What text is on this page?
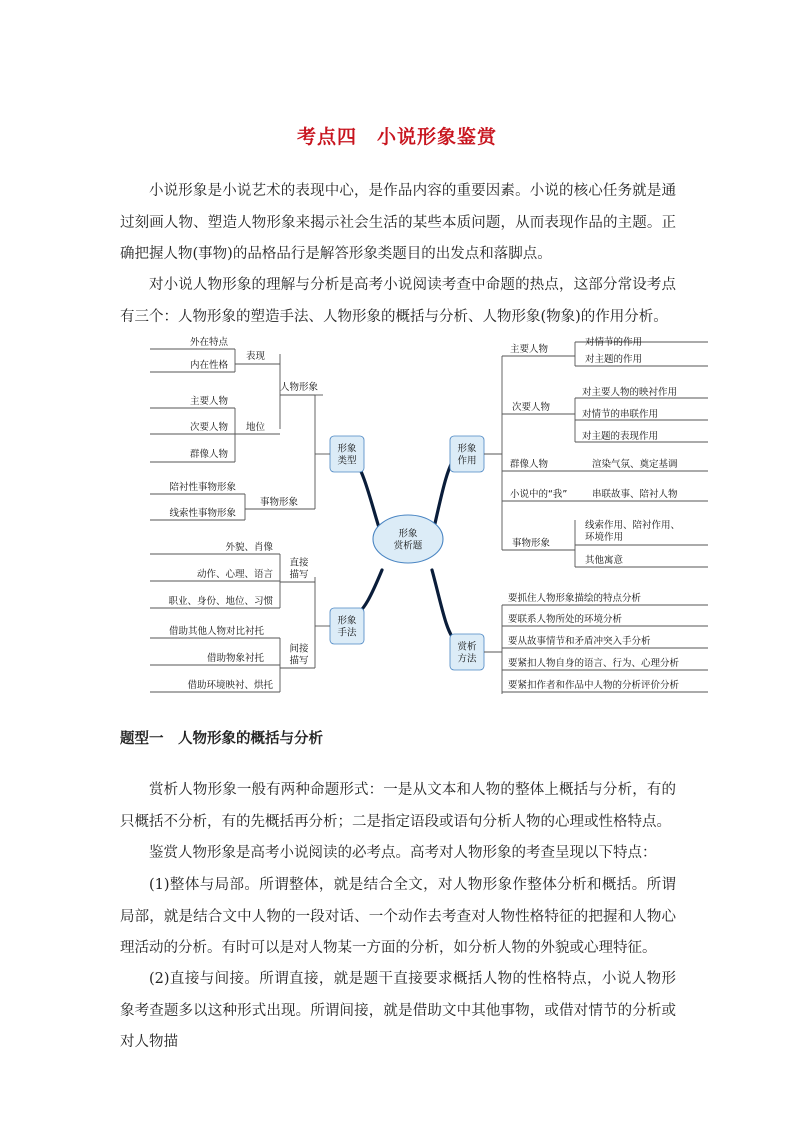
考点四　小说形象鉴赏

小说形象是小说艺术的表现中心，是作品内容的重要因素。小说的核心任务就是通过刻画人物、塑造人物形象来揭示社会生活的某些本质问题，从而表现作品的主题。正确把握人物(事物)的品格品行是解答形象类题目的出发点和落脚点。

对小说人物形象的理解与分析是高考小说阅读考查中命题的热点，这部分常设考点有三个：人物形象的塑造手法、人物形象的概括与分析、人物形象(物象)的作用分析。

形象
赏析题
形象
类型
人物形象
表现
外在特点
内在性格
地位
主要人物
次要人物
群像人物
事物形象
陪衬性事物形象
线索性事物形象
形象
手法
直接
描写
外貌、肖像
动作、心理、语言
职业、身份、地位、习惯
间接
描写
借助其他人物对比衬托
借助物象衬托
借助环境映衬、烘托
形象
作用
主要人物
对情节的作用
对主题的作用
次要人物
对主要人物的映衬作用
对情节的串联作用
对主题的表现作用
群像人物	渲染气氛、奠定基调
小说中的“我”	串联故事、陪衬人物
事物形象
线索作用、陪衬作用、
环境作用
其他寓意
赏析
方法
要抓住人物形象描绘的特点分析
要联系人物所处的环境分析
要从故事情节和矛盾冲突入手分析
要紧扣人物自身的语言、行为、心理分析
要紧扣作者和作品中人物的分析评价分析
题型一　人物形象的概括与分析

赏析人物形象一般有两种命题形式：一是从文本和人物的整体上概括与分析，有的只概括不分析，有的先概括再分析；二是指定语段或语句分析人物的心理或性格特点。

鉴赏人物形象是高考小说阅读的必考点。高考对人物形象的考查呈现以下特点：

(1)整体与局部。所谓整体，就是结合全文，对人物形象作整体分析和概括。所谓局部，就是结合文中人物的一段对话、一个动作去考查对人物性格特征的把握和人物心理活动的分析。有时可以是对人物某一方面的分析，如分析人物的外貌或心理特征。

(2)直接与间接。所谓直接，就是题干直接要求概括人物的性格特点，小说人物形象考查题多以这种形式出现。所谓间接，就是借助文中其他事物，或借对情节的分析或对人物描
